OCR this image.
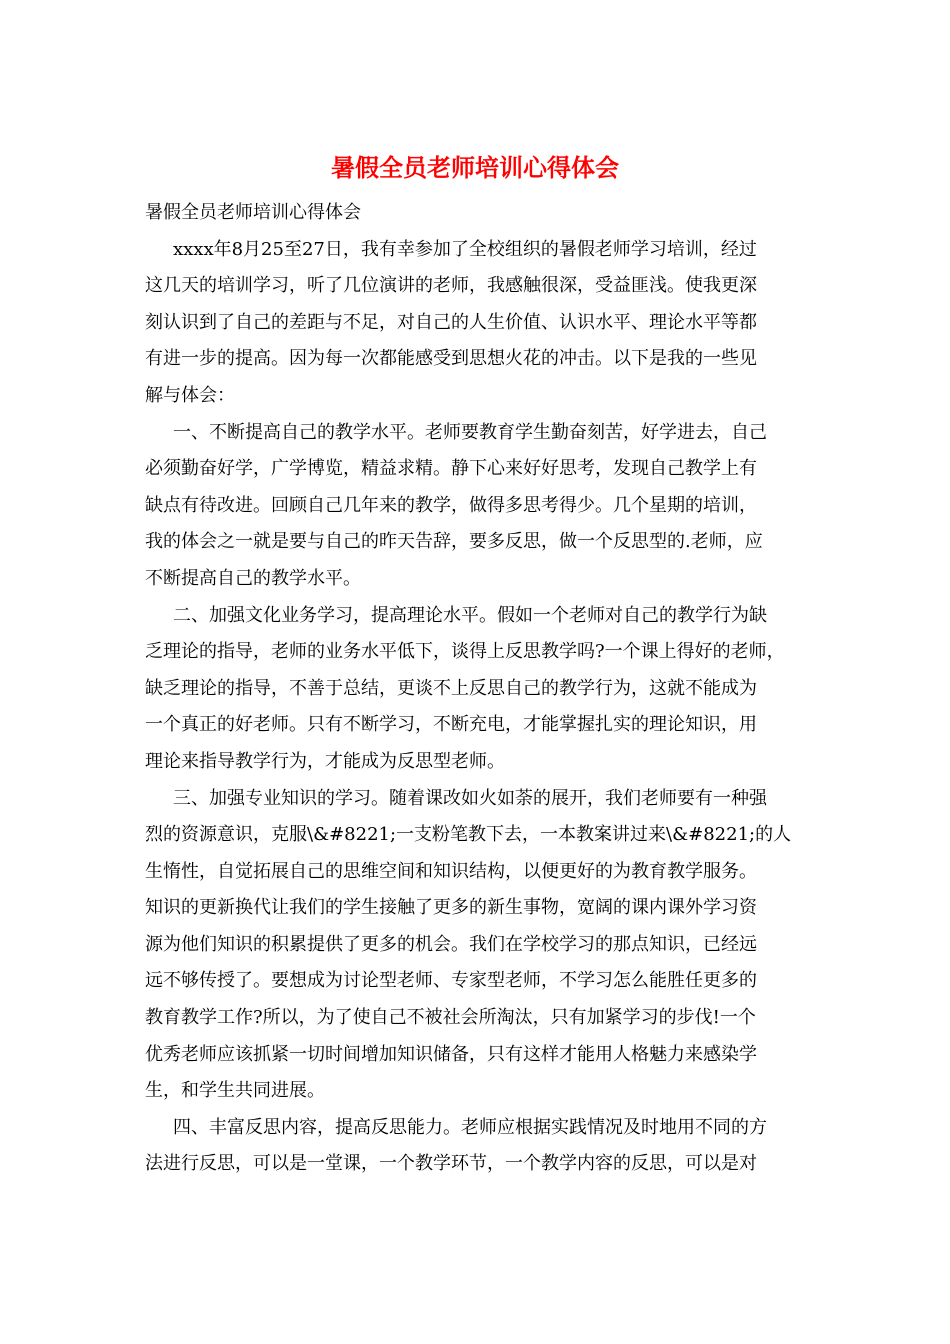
暑假全员老师培训心得体会
暑假全员老师培训心得体会
xxxx年8月25至27日，我有幸参加了全校组织的暑假老师学习培训，经过
这几天的培训学习，听了几位演讲的老师，我感触很深，受益匪浅。使我更深
刻认识到了自己的差距与不足，对自己的人生价值、认识水平、理论水平等都
有进一步的提高。因为每一次都能感受到思想火花的冲击。以下是我的一些见
解与体会：
一、不断提高自己的教学水平。老师要教育学生勤奋刻苦，好学进去，自己
必须勤奋好学，广学博览，精益求精。静下心来好好思考，发现自己教学上有
缺点有待改进。回顾自己几年来的教学，做得多思考得少。几个星期的培训，
我的体会之一就是要与自己的昨天告辞，要多反思，做一个反思型的.老师，应
不断提高自己的教学水平。
二、加强文化业务学习，提高理论水平。假如一个老师对自己的教学行为缺
乏理论的指导，老师的业务水平低下，谈得上反思教学吗?一个课上得好的老师，
缺乏理论的指导，不善于总结，更谈不上反思自己的教学行为，这就不能成为
一个真正的好老师。只有不断学习，不断充电，才能掌握扎实的理论知识，用
理论来指导教学行为，才能成为反思型老师。
三、加强专业知识的学习。随着课改如火如荼的展开，我们老师要有一种强
烈的资源意识，克服\&#8221;一支粉笔教下去，一本教案讲过来\&#8221;的人
生惰性，自觉拓展自己的思维空间和知识结构，以便更好的为教育教学服务。
知识的更新换代让我们的学生接触了更多的新生事物，宽阔的课内课外学习资
源为他们知识的积累提供了更多的机会。我们在学校学习的那点知识，已经远
远不够传授了。要想成为讨论型老师、专家型老师，不学习怎么能胜任更多的
教育教学工作?所以，为了使自己不被社会所淘汰，只有加紧学习的步伐!一个
优秀老师应该抓紧一切时间增加知识储备，只有这样才能用人格魅力来感染学
生，和学生共同进展。
四、丰富反思内容，提高反思能力。老师应根据实践情况及时地用不同的方
法进行反思，可以是一堂课，一个教学环节，一个教学内容的反思，可以是对
